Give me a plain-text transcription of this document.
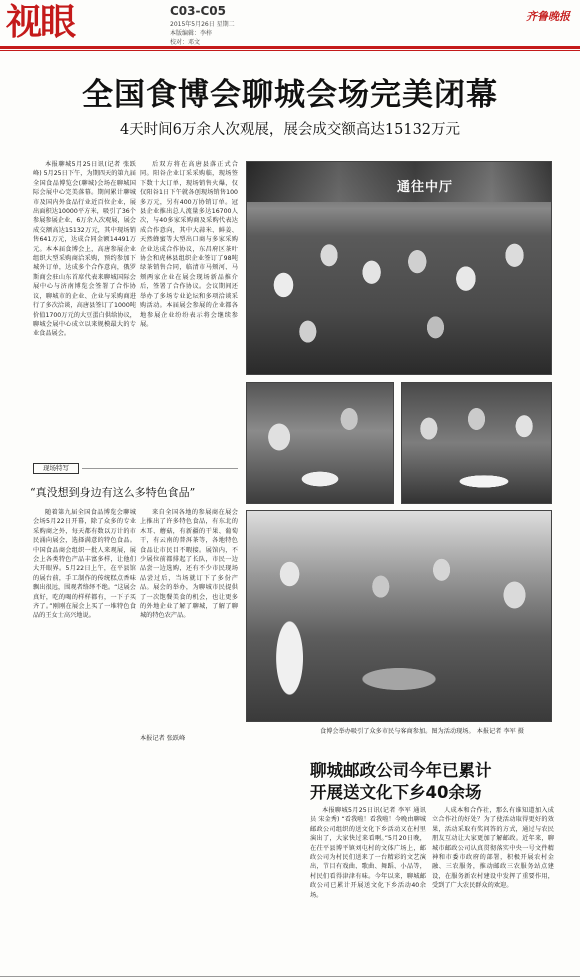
视眼	C03-C05
2015年5月26日 星期二
本版编辑：李梓
校对：邓文
齐鲁晚报
全国食博会聊城会场完美闭幕
4天时间6万余人次观展，展会成交额高达15132万元

本报聊城5月25日讯(记者 张跃峰) 5月25日下午，为期四天的第九届全国食品博览会(聊城)会场在聊城国际会展中心完美落幕。期间累计聊城市及国内外食品行业近百位企业，展出面积达10000平方米，吸引了36个参展参展企业、6万余人次观展，展会成交额高达15132万元，其中现场销售641万元，达成合同金额14491万元。本本届食博会上，高唐参展企业组织大型采购商洽采购，预约参加下城外订单，达成多个合作意向，俄罗斯商会驻山东首席代表来聊城国际会展中心与济南博览会签署了合作协议，聊城市的企业、企业与采购商进行了多次洽谈，高唐县签订了1000吨价值1700万元的大豆蛋白供给协议，聊城会展中心成立以来规模最大的专业食品展会。

后双方将在高唐县落正式合同。阳谷企业订采采购临，现场签下数十大订单，现场销售火爆，仅仅阳谷1日下午就各创现场销售100多万元，另有400万协销订单。冠县企业推出总人流量多达16700人次，与40多家采购商及采购代表达成合作意向，其中大蒜米、鲜姜、天然蜂蜜等大型出口商与多家采购企业达成合作协议，东昌府区茶叶协会和虎林县组织企业签订了98吨绿茶销售合同，临清市马颊河、马颊两家企业在展会现场新品推介后，签署了合作协议。会议期间还举办了多场专业论坛和多项洽谈采购活动。本届展会参展的企业都各地参展企业纷纷表示将会继续参展。

现场特写
“真没想到身边有这么多特色食品”

随着第九届全国食品博览会聊城会场5月22日开幕，除了众多的专业采购商之外，每天都有数以万计的市民涌向展会，选择满意的特色食品。中国食品商会组织一批人来观展，展会上各类特色产品丰富多样，让他们大开眼界。5月22日上午，在平县馆的展台前，手工制作的传统糕点香味飘出很远，围观者络绎不绝。“这展会真好，吃的喝的样样都有，一下子买齐了。”刚刚在展会上买了一堆特色食品的王女士高兴地说。

来自全国各地的参展商在展会上推出了许多特色食品，有东北的木耳、蘑菇，有新疆的干果、葡萄干，有云南的普洱茶等，各地特色食品让市民目不暇接。展馆内，不少展位前都排起了长队，市民一边品尝一边选购，还有不少市民现场品尝过后，当场就订下了多份产品。展会的举办，为聊城市民提供了一次饱餐美食的机会，也让更多的外地企业了解了聊城，了解了聊城的特色农产品。

本报记者 张跃峰
通往中厅
食博会举办吸引了众多市民与客商参加。图为活动现场。 本报记者 李军 摄
聊城邮政公司今年已累计
开展送文化下乡40余场

本报聊城5月25日讯(记者 李军 通讯员 宋金秀) “看我啦！看我啦！今晚由聊城邮政公司组织的送文化下乡活动又在村里演出了，大家快过来看啊。”5月20日晚，在茌平县博平镇刘屯村的文体广场上，邮政公司为村民们送来了一台精彩的文艺演出，节目有戏曲、歌曲、舞蹈、小品等，村民们看得津津有味。今年以来，聊城邮政公司已累计开展送文化下乡活动40余场。

人成本和合作社，那么有谁知道加入成立合作社的好处？为了使活动取得更好的效果，活动采取有奖问答的方式，通过与农民朋友互动让大家更加了解邮政。近年来，聊城市邮政公司认真贯彻落实中央一号文件精神和市委市政府的部署，积极开展农村金融、三农服务，推动邮政三农服务站点建设，在服务新农村建设中发挥了重要作用，受到了广大农民群众的欢迎。
